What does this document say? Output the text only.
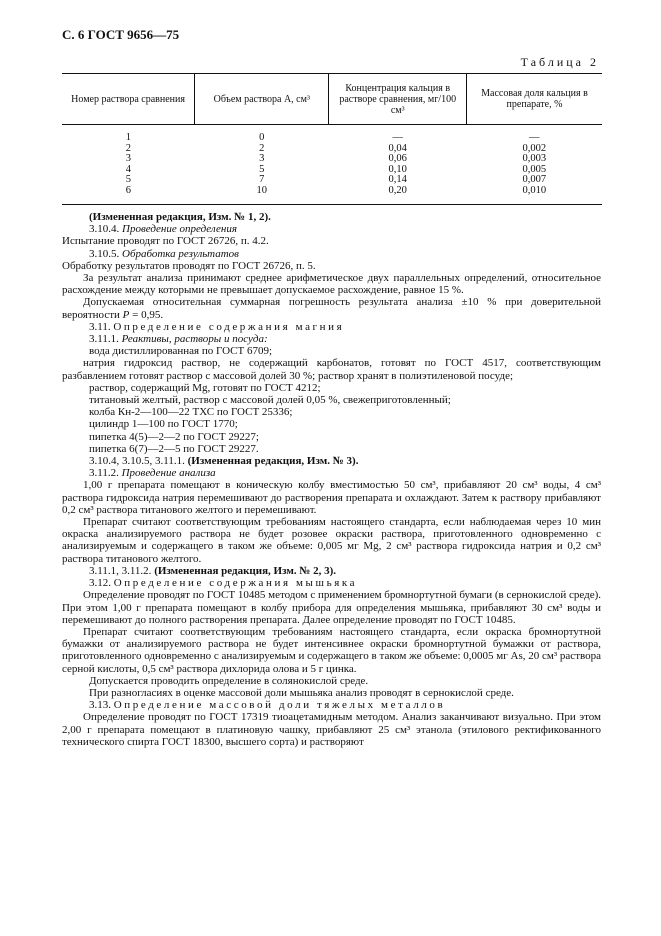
С. 6 ГОСТ 9656—75
Таблица 2
Номер раствора сравнения	Объем раствора А, см³	Концентрация кальция в растворе сравнения, мг/100 см³	Массовая доля кальция в препарате, %
1	0	—	—
2	2	0,04	0,002
3	3	0,06	0,003
4	5	0,10	0,005
5	7	0,14	0,007
6	10	0,20	0,010

(Измененная редакция, Изм. № 1, 2).

3.10.4. Проведение определения

Испытание проводят по ГОСТ 26726, п. 4.2.

3.10.5. Обработка результатов

Обработку результатов проводят по ГОСТ 26726, п. 5.

За результат анализа принимают среднее арифметическое двух параллельных определений, относительное расхождение между которыми не превышает допускаемое расхождение, равное 15 %.

Допускаемая относительная суммарная погрешность результата анализа ±10 % при доверительной вероятности P = 0,95.

3.11. Определение содержания магния

3.11.1. Реактивы, растворы и посуда:

вода дистиллированная по ГОСТ 6709;

натрия гидроксид раствор, не содержащий карбонатов, готовят по ГОСТ 4517, соответствующим разбавлением готовят раствор с массовой долей 30 %; раствор хранят в полиэтиленовой посуде;

раствор, содержащий Mg, готовят по ГОСТ 4212;

титановый желтый, раствор с массовой долей 0,05 %, свежеприготовленный;

колба Кн-2—100—22 ТХС по ГОСТ 25336;

цилиндр 1—100 по ГОСТ 1770;

пипетка 4(5)—2—2 по ГОСТ 29227;

пипетка 6(7)—2—5 по ГОСТ 29227.

3.10.4, 3.10.5, 3.11.1. (Измененная редакция, Изм. № 3).

3.11.2. Проведение анализа

1,00 г препарата помещают в коническую колбу вместимостью 50 см³, прибавляют 20 см³ воды, 4 см³ раствора гидроксида натрия перемешивают до растворения препарата и охлаждают. Затем к раствору прибавляют 0,2 см³ раствора титанового желтого и перемешивают.

Препарат считают соответствующим требованиям настоящего стандарта, если наблюдаемая через 10 мин окраска анализируемого раствора не будет розовее окраски раствора, приготовленного одновременно с анализируемым и содержащего в таком же объеме: 0,005 мг Mg, 2 см³ раствора гидроксида натрия и 0,2 см³ раствора титанового желтого.

3.11.1, 3.11.2. (Измененная редакция, Изм. № 2, 3).

3.12. Определение содержания мышьяка

Определение проводят по ГОСТ 10485 методом с применением бромнортутной бумаги (в сернокислой среде). При этом 1,00 г препарата помещают в колбу прибора для определения мышьяка, прибавляют 30 см³ воды и перемешивают до полного растворения препарата. Далее определение проводят по ГОСТ 10485.

Препарат считают соответствующим требованиям настоящего стандарта, если окраска бромнортутной бумажки от анализируемого раствора не будет интенсивнее окраски бромнортутной бумажки от раствора, приготовленного одновременно с анализируемым и содержащего в таком же объеме: 0,0005 мг As, 20 см³ раствора серной кислоты, 0,5 см³ раствора дихлорида олова и 5 г цинка.

Допускается проводить определение в солянокислой среде.

При разногласиях в оценке массовой доли мышьяка анализ проводят в сернокислой среде.

3.13. Определение массовой доли тяжелых металлов

Определение проводят по ГОСТ 17319 тиоацетамидным методом. Анализ заканчивают визуально. При этом 2,00 г препарата помещают в платиновую чашку, прибавляют 25 см³ этанола (этилового ректификованного технического спирта ГОСТ 18300, высшего сорта) и растворяют
